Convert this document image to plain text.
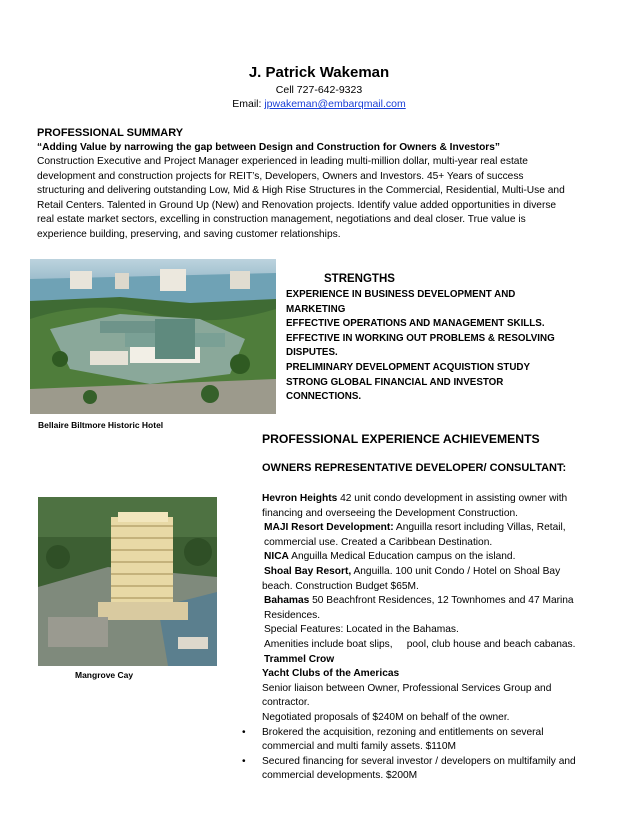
J. Patrick Wakeman
Cell 727-642-9323
Email: jpwakeman@embarqmail.com
PROFESSIONAL SUMMARY
“Adding Value by narrowing the gap between Design and Construction for Owners & Investors”
Construction Executive and Project Manager experienced in leading multi-million dollar, multi-year real estate
development and construction projects for REIT’s, Developers, Owners and Investors. 45+ Years of success
structuring and delivering outstanding Low, Mid & High Rise Structures in the Commercial, Residential, Multi-Use and
Retail Centers. Talented in Ground Up (New) and Renovation projects. Identify value added opportunities in diverse
real estate market sectors, excelling in construction management, negotiations and deal closer. True value is
experience building, preserving, and saving customer relationships.
Bellaire Biltmore Historic Hotel
STRENGTHS
EXPERIENCE IN BUSINESS DEVELOPMENT AND
MARKETING
EFFECTIVE OPERATIONS AND MANAGEMENT SKILLS.
EFFECTIVE IN WORKING OUT PROBLEMS & RESOLVING
DISPUTES.
PRELIMINARY DEVELOPMENT ACQUISTION STUDY
STRONG GLOBAL FINANCIAL AND INVESTOR
CONNECTIONS.
PROFESSIONAL EXPERIENCE ACHIEVEMENTS
OWNERS REPRESENTATIVE DEVELOPER/ CONSULTANT:
Mangrove Cay

Hevron Heights 42 unit condo development in assisting owner with

financing and overseeing the Development Construction.

MAJI Resort Development: Anguilla resort including Villas, Retail,

commercial use. Created a Caribbean Destination.

NICA Anguilla Medical Education campus on the island.

Shoal Bay Resort, Anguilla. 100 unit Condo / Hotel on Shoal Bay

beach. Construction Budget $65M.

Bahamas 50 Beachfront Residences, 12 Townhomes and 47 Marina

Residences.

Special Features: Located in the Bahamas.

Amenities include boat slips,     pool, club house and beach cabanas.

Trammel Crow

Yacht Clubs of the Americas

Senior liaison between Owner, Professional Services Group and

contractor.

Negotiated proposals of $240M on behalf of the owner.

• Brokered the acquisition, rezoning and entitlements on several

commercial and multi family assets. $110M

• Secured financing for several investor / developers on multifamily and

commercial developments. $200M
